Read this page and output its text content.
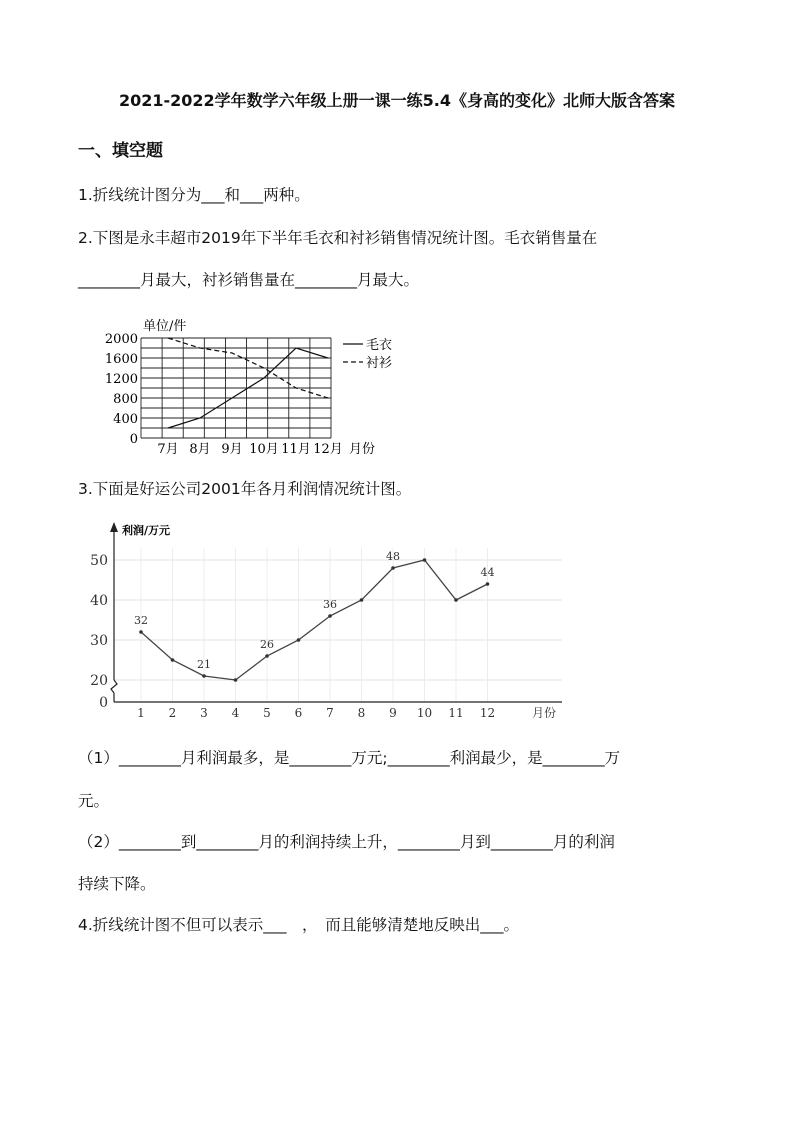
2021-2022学年数学六年级上册一课一练5.4《身高的变化》北师大版含答案
一、填空题
1.折线统计图分为___和___两种。
2.下图是永丰超市2019年下半年毛衣和衬衫销售情况统计图。毛衣销售量在
________月最大，衬衫销售量在________月最大。
单位/件
0
400
800
1200
1600
2000
7月 8月 9月 10月 11月 12月 月份
毛衣
衬衫
3.下面是好运公司2001年各月利润情况统计图。
利润/万元
0
20
30
40
50
1 2 3 4 5 6 7 8 9 10 11 12	月份
32
21
26
36
48
44
（1）________月利润最多，是________万元;________利润最少，是________万
元。
（2）________到________月的利润持续上升，________月到________月的利润
持续下降。
4.折线统计图不但可以表示___　，　而且能够清楚地反映出___。
